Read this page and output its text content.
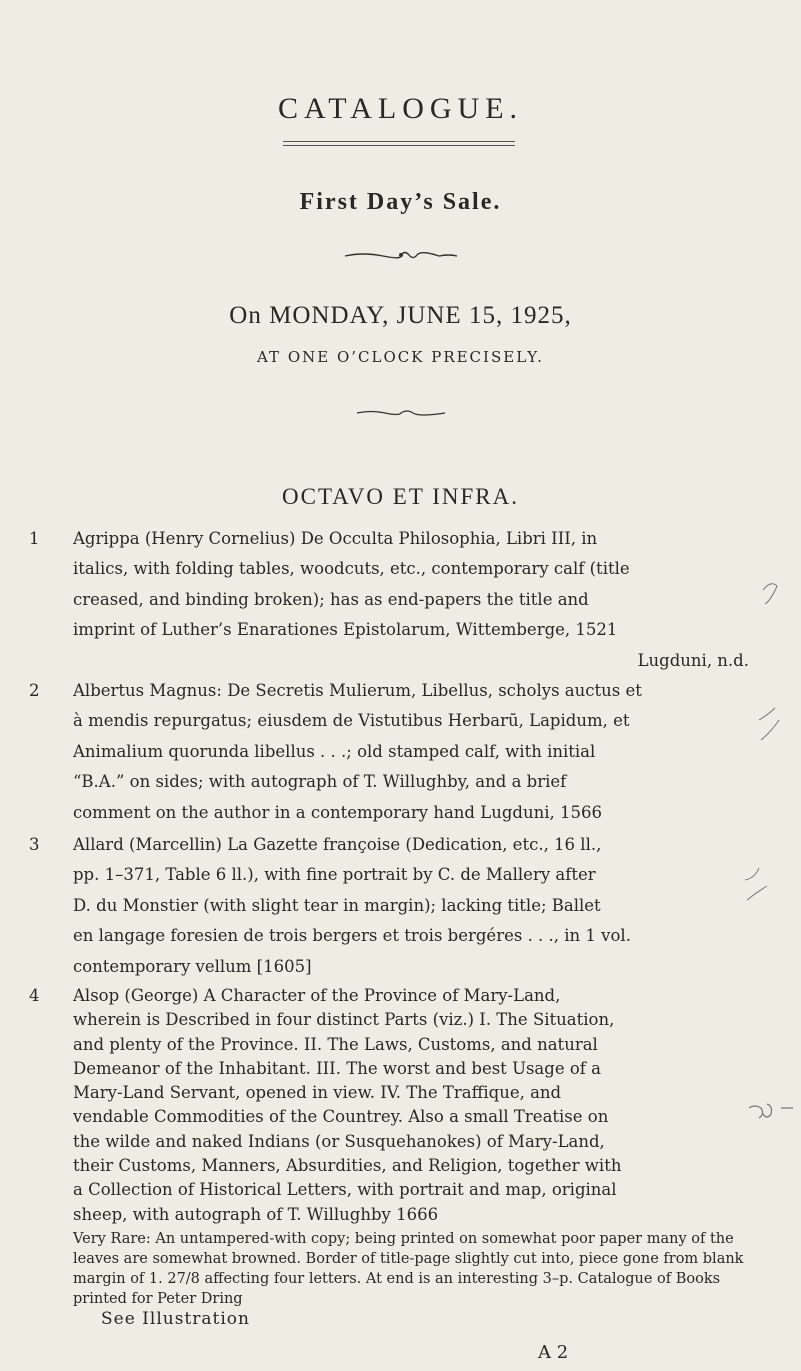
CATALOGUE.
First Day’s Sale.
On MONDAY, JUNE 15, 1925,
AT ONE O’CLOCK PRECISELY.
OCTAVO ET INFRA.
1	Agrippa (Henry Cornelius) De Occulta Philosophia, Libri III, in
italics, with folding tables, woodcuts, etc., contemporary calf (title
creased, and binding broken); has as end-papers the title and
imprint of Luther’s Enarationes Epistolarum, Wittemberge, 1521
Lugduni, n.d.
2	Albertus Magnus: De Secretis Mulierum, Libellus, scholys auctus et
à mendis repurgatus; eiusdem de Vistutibus Herbarū, Lapidum, et
Animalium quorunda libellus . . .; old stamped calf, with initial
“B.A.” on sides; with autograph of T. Willughby, and a brief
comment on the author in a contemporary hand Lugduni, 1566
3	Allard (Marcellin) La Gazette françoise (Dedication, etc., 16 ll.,
pp. 1–371, Table 6 ll.), with fine portrait by C. de Mallery after
D. du Monstier (with slight tear in margin); lacking title; Ballet
en langage foresien de trois bergers et trois bergéres . . ., in 1 vol.
contemporary vellum [1605]
4	Alsop (George) A Character of the Province of Mary-Land,
wherein is Described in four distinct Parts (viz.) I. The Situation,
and plenty of the Province. II. The Laws, Customs, and natural
Demeanor of the Inhabitant. III. The worst and best Usage of a
Mary-Land Servant, opened in view. IV. The Traffique, and
vendable Commodities of the Countrey. Also a small Treatise on
the wilde and naked Indians (or Susquehanokes) of Mary-Land,
their Customs, Manners, Absurdities, and Religion, together with
a Collection of Historical Letters, with portrait and map, original
sheep, with autograph of T. Willughby 1666
Very Rare: An untampered-with copy; being printed on somewhat poor paper many of the leaves are somewhat browned. Border of title-page slightly cut into, piece gone from blank margin of 1. 27/8 affecting four letters. At end is an interesting 3–p. Catalogue of Books printed for Peter Dring
See Illustration
A 2
